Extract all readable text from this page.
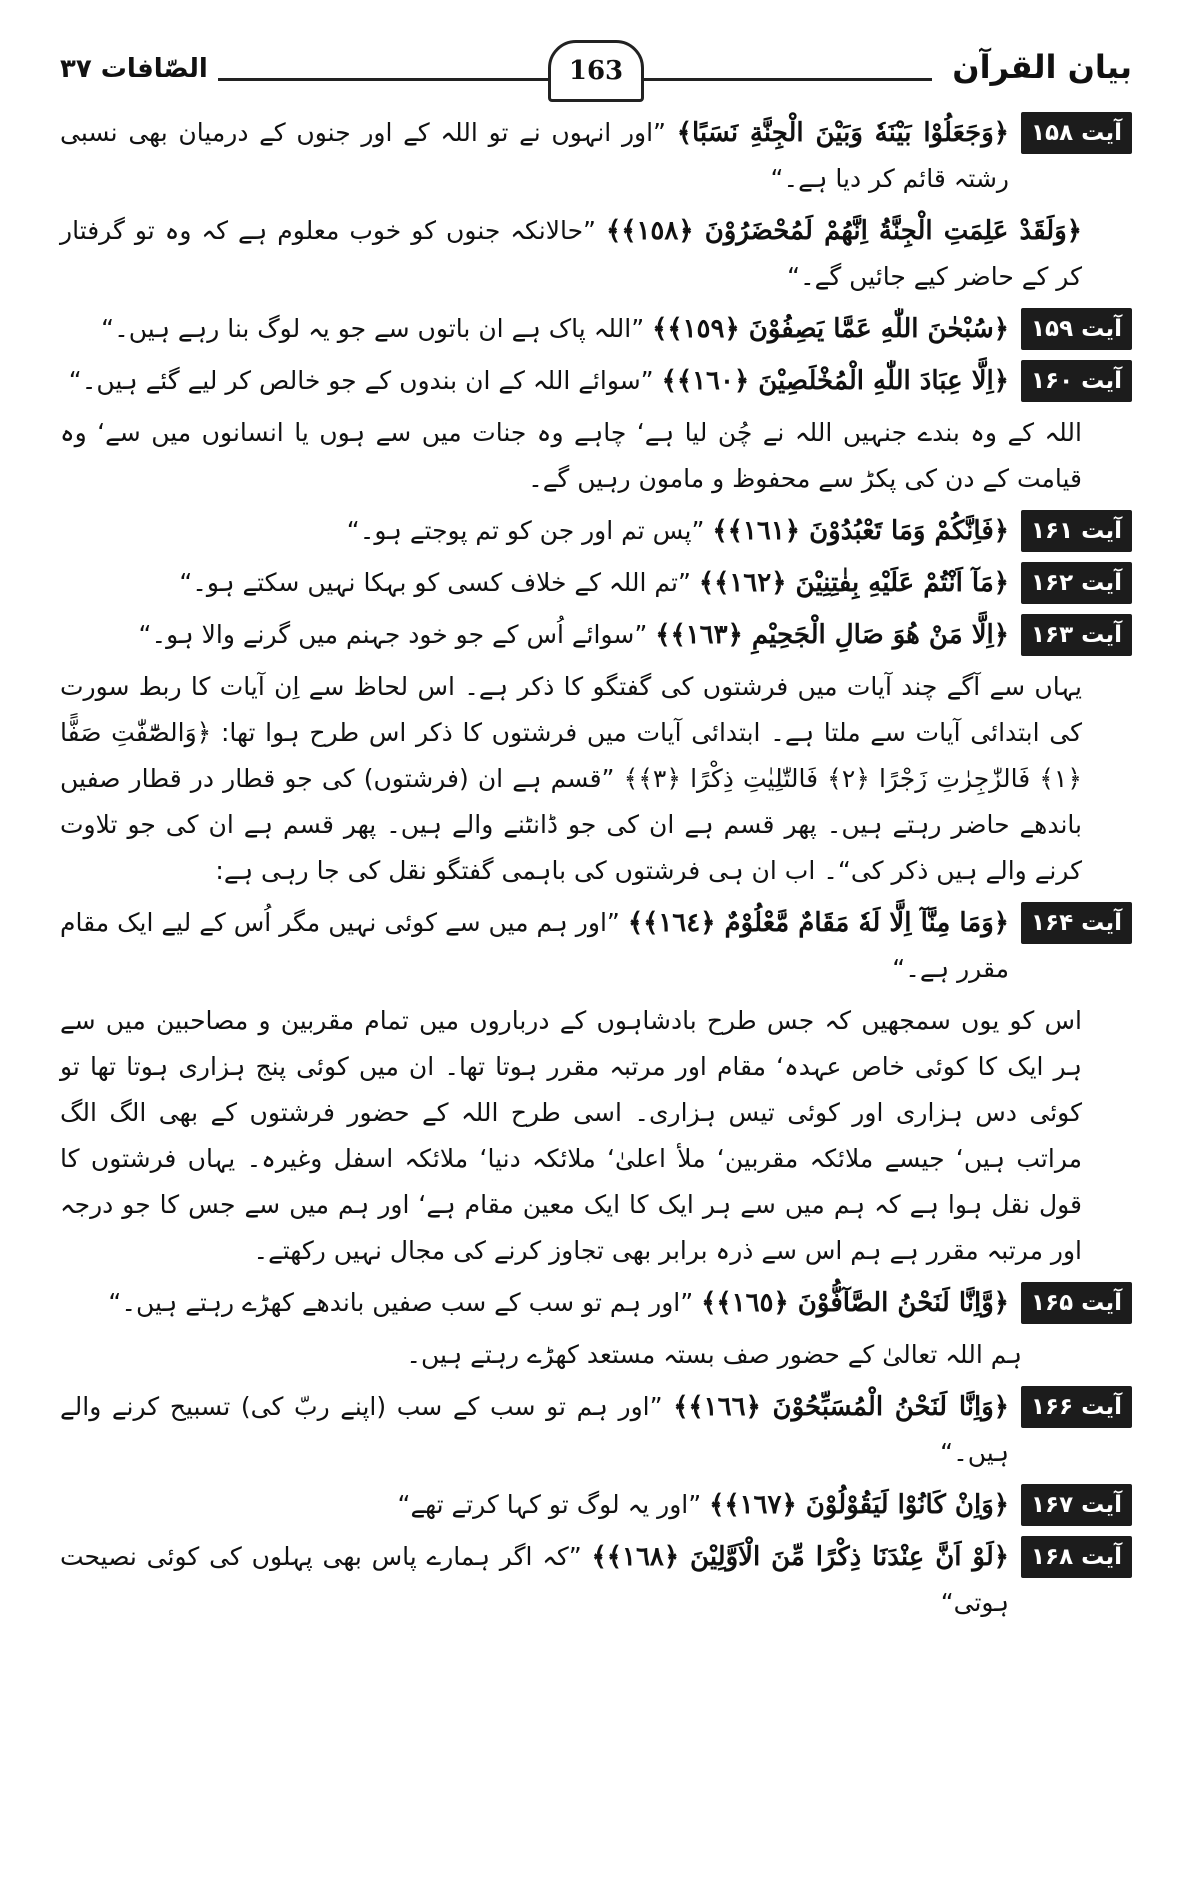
بیان القرآن
163
الصّافات ۳۷
آیت ۱۵۸
﴿وَجَعَلُوْا بَيْنَهٗ وَبَيْنَ الْجِنَّةِ نَسَبًا﴾ ”اور انہوں نے تو اللہ کے اور جنوں کے درمیان بھی نسبی رشتہ قائم کر دیا ہے۔“

﴿وَلَقَدْ عَلِمَتِ الْجِنَّةُ اِنَّهُمْ لَمُحْضَرُوْنَ ﴿١٥٨﴾﴾ ”حالانکہ جنوں کو خوب معلوم ہے کہ وہ تو گرفتار کر کے حاضر کیے جائیں گے۔“

آیت ۱۵۹
﴿سُبْحٰنَ اللّٰهِ عَمَّا يَصِفُوْنَ ﴿١٥٩﴾﴾ ”اللہ پاک ہے ان باتوں سے جو یہ لوگ بنا رہے ہیں۔“
آیت ۱۶۰
﴿اِلَّا عِبَادَ اللّٰهِ الْمُخْلَصِيْنَ ﴿١٦٠﴾﴾ ”سوائے اللہ کے ان بندوں کے جو خالص کر لیے گئے ہیں۔“

اللہ کے وہ بندے جنہیں اللہ نے چُن لیا ہے‘ چاہے وہ جنات میں سے ہوں یا انسانوں میں سے‘ وہ قیامت کے دن کی پکڑ سے محفوظ و مامون رہیں گے۔

آیت ۱۶۱
﴿فَاِنَّكُمْ وَمَا تَعْبُدُوْنَ ﴿١٦١﴾﴾ ”پس تم اور جن کو تم پوجتے ہو۔“
آیت ۱۶۲
﴿مَآ اَنْتُمْ عَلَيْهِ بِفٰتِنِيْنَ ﴿١٦٢﴾﴾ ”تم اللہ کے خلاف کسی کو بہکا نہیں سکتے ہو۔“
آیت ۱۶۳
﴿اِلَّا مَنْ هُوَ صَالِ الْجَحِيْمِ ﴿١٦٣﴾﴾ ”سوائے اُس کے جو خود جہنم میں گرنے والا ہو۔“

یہاں سے آگے چند آیات میں فرشتوں کی گفتگو کا ذکر ہے۔ اس لحاظ سے اِن آیات کا ربط سورت کی ابتدائی آیات سے ملتا ہے۔ ابتدائی آیات میں فرشتوں کا ذکر اس طرح ہوا تھا: ﴿وَالصّٰٓفّٰتِ صَفًّا ﴿١﴾ فَالزّٰجِرٰتِ زَجْرًا ﴿٢﴾ فَالتّٰلِيٰتِ ذِكْرًا ﴿٣﴾﴾ ”قسم ہے ان (فرشتوں) کی جو قطار در قطار صفیں باندھے حاضر رہتے ہیں۔ پھر قسم ہے ان کی جو ڈانٹنے والے ہیں۔ پھر قسم ہے ان کی جو تلاوت کرنے والے ہیں ذکر کی“۔ اب ان ہی فرشتوں کی باہمی گفتگو نقل کی جا رہی ہے:

آیت ۱۶۴
﴿وَمَا مِنَّآ اِلَّا لَهٗ مَقَامٌ مَّعْلُوْمٌ ﴿١٦٤﴾﴾ ”اور ہم میں سے کوئی نہیں مگر اُس کے لیے ایک مقام مقرر ہے۔“

اس کو یوں سمجھیں کہ جس طرح بادشاہوں کے درباروں میں تمام مقربین و مصاحبین میں سے ہر ایک کا کوئی خاص عہدہ‘ مقام اور مرتبہ مقرر ہوتا تھا۔ ان میں کوئی پنج ہزاری ہوتا تھا تو کوئی دس ہزاری اور کوئی تیس ہزاری۔ اسی طرح اللہ کے حضور فرشتوں کے بھی الگ الگ مراتب ہیں‘ جیسے ملائکہ مقربین‘ ملأ اعلیٰ‘ ملائکہ دنیا‘ ملائکہ اسفل وغیرہ۔ یہاں فرشتوں کا قول نقل ہوا ہے کہ ہم میں سے ہر ایک کا ایک معین مقام ہے‘ اور ہم میں سے جس کا جو درجہ اور مرتبہ مقرر ہے ہم اس سے ذرہ برابر بھی تجاوز کرنے کی مجال نہیں رکھتے۔

آیت ۱۶۵
﴿وَّاِنَّا لَنَحْنُ الصَّآفُّوْنَ ﴿١٦٥﴾﴾ ”اور ہم تو سب کے سب صفیں باندھے کھڑے رہتے ہیں۔“

ہم اللہ تعالیٰ کے حضور صف بستہ مستعد کھڑے رہتے ہیں۔

آیت ۱۶۶
﴿وَاِنَّا لَنَحْنُ الْمُسَبِّحُوْنَ ﴿١٦٦﴾﴾ ”اور ہم تو سب کے سب (اپنے ربّ کی) تسبیح کرنے والے ہیں۔“
آیت ۱۶۷
﴿وَاِنْ كَانُوْا لَيَقُوْلُوْنَ ﴿١٦٧﴾﴾ ”اور یہ لوگ تو کہا کرتے تھے“
آیت ۱۶۸
﴿لَوْ اَنَّ عِنْدَنَا ذِكْرًا مِّنَ الْاَوَّلِيْنَ ﴿١٦٨﴾﴾ ”کہ اگر ہمارے پاس بھی پہلوں کی کوئی نصیحت ہوتی“
